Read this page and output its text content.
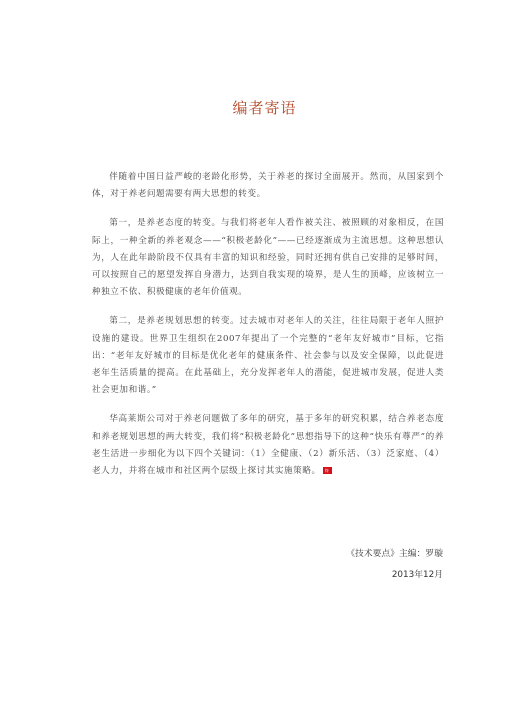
编者寄语

伴随着中国日益严峻的老龄化形势，关于养老的探讨全面展开。然而，从国家到个体，对于养老问题需要有两大思想的转变。

第一，是养老态度的转变。与我们将老年人看作被关注、被照顾的对象相反，在国际上，一种全新的养老观念——“积极老龄化”——已经逐渐成为主流思想。这种思想认为，人在此年龄阶段不仅具有丰富的知识和经验，同时还拥有供自己安排的足够时间，可以按照自己的愿望发挥自身潜力，达到自我实现的境界，是人生的顶峰，应该树立一种独立不依、积极健康的老年价值观。

第二，是养老规划思想的转变。过去城市对老年人的关注，往往局限于老年人照护设施的建设。世界卫生组织在2007年提出了一个完整的“老年友好城市”目标，它指出：“老年友好城市的目标是优化老年的健康条件、社会参与以及安全保障，以此促进老年生活质量的提高。在此基础上，充分发挥老年人的潜能，促进城市发展，促进人类社会更加和谐。”

华高莱斯公司对于养老问题做了多年的研究，基于多年的研究积累，结合养老态度和养老规划思想的两大转变，我们将“积极老龄化”思想指导下的这种“快乐有尊严”的养老生活进一步细化为以下四个关键词：（1）全健康、（2）新乐活、（3）泛家庭、（4）老人力，并将在城市和社区两个层级上探讨其实施策略。 终

《技术要点》主编：罗璇
2013年12月
